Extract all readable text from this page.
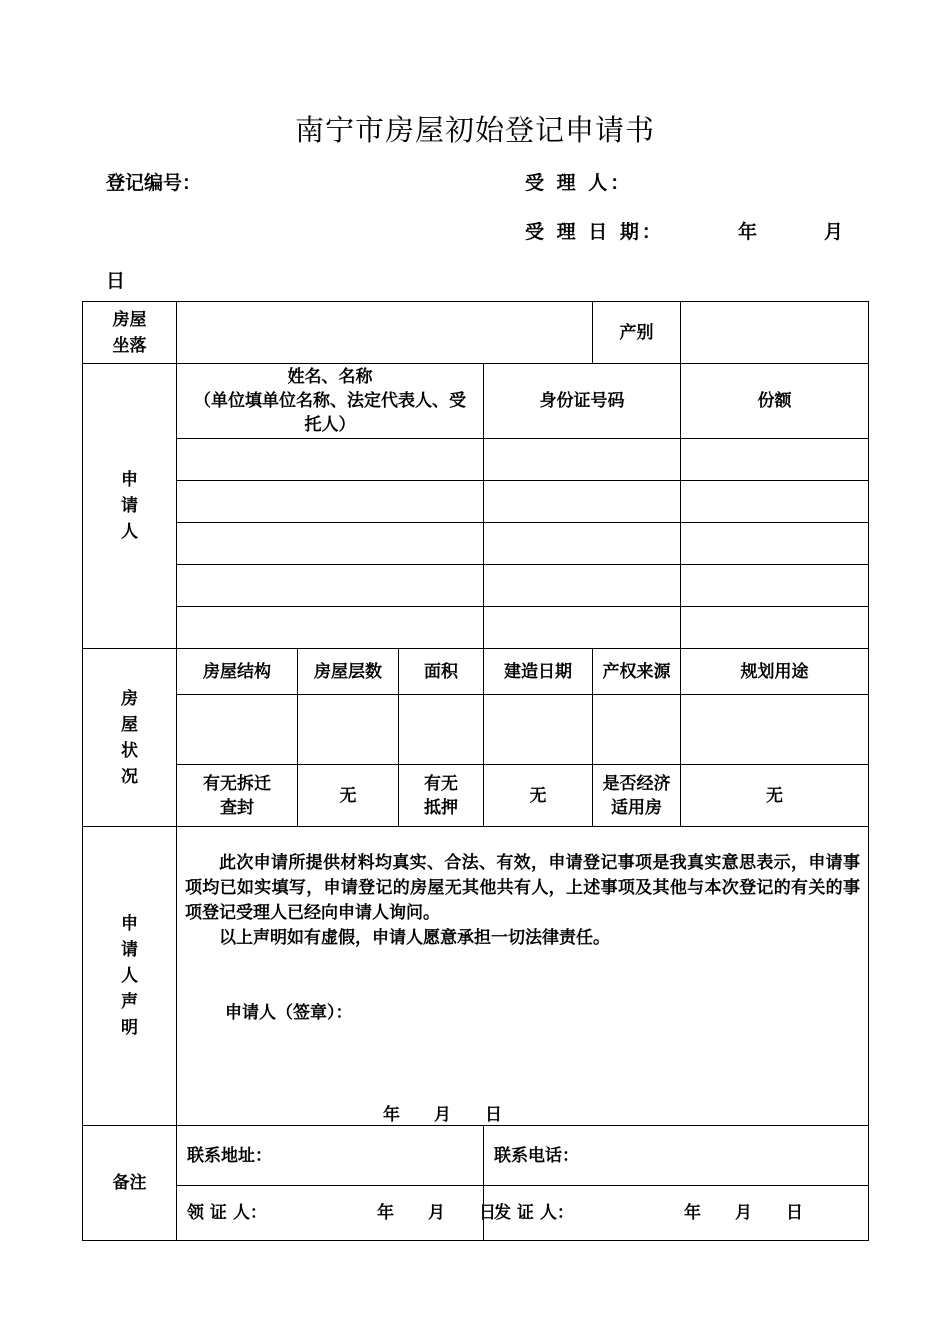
南宁市房屋初始登记申请书
登记编号：	受 理 人：
受 理 日 期：	年	月
日
房屋坐落					产别	
申请人	姓名、名称
（单位填单位名称、法定代表人、受托人）			身份证号码		份额

房屋状况	房屋结构	房屋层数	面积	建造日期	产权来源	规划用途

	有无拆迁查封	无	有无抵押	无	是否经济适用房	无
申请人声明	此次申请所提供材料均真实、合法、有效，申请登记事项是我真实意思表示，申请事项均已如实填写，申请登记的房屋无其他共有人，上述事项及其他与本次登记的有关的事项登记受理人已经向申请人询问。

以上声明如有虚假，申请人愿意承担一切法律责任。

申请人（签章）：
年　　月　　日					

备注	联系地址：			联系电话：		
	领 证 人： 年　　月　　日			发 证 人： 年　　月　　日		
